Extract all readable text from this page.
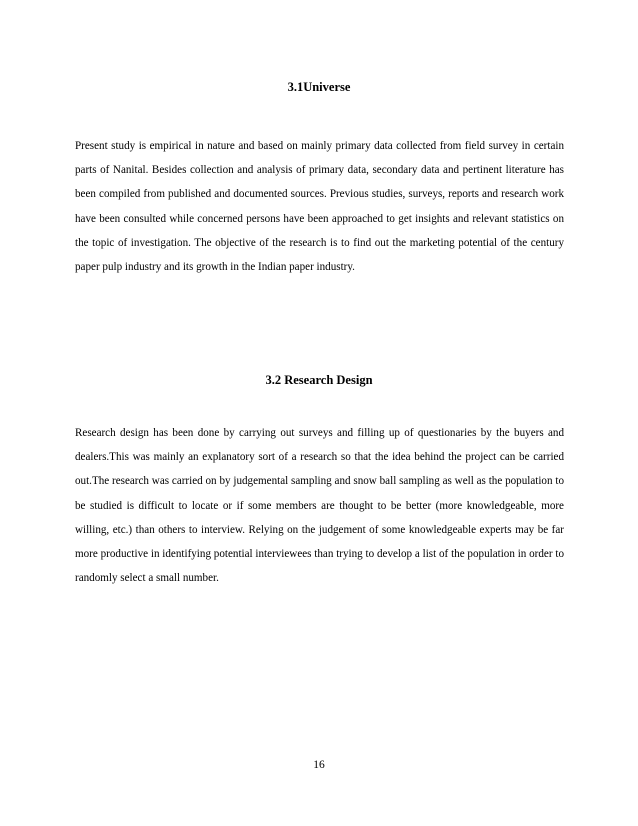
3.1Universe

Present study is empirical in nature and based on mainly primary data collected from field survey in certain parts of Nanital. Besides collection and analysis of primary data, secondary data and pertinent literature has been compiled from published and documented sources. Previous studies, surveys, reports and research work have been consulted while concerned persons have been approached to get insights and relevant statistics on the topic of investigation. The objective of the research is to find out the marketing potential of the century paper pulp industry and its growth in the Indian paper industry.

3.2 Research Design

Research design has been done by carrying out surveys and filling up of questionaries by the buyers and dealers.This was mainly an explanatory sort of a research so that the idea behind the project can be carried out.The research was carried on by judgemental sampling and snow ball sampling as well as the population to be studied is difficult to locate or if some members are thought to be better (more knowledgeable, more willing, etc.) than others to interview. Relying on the judgement of some knowledgeable experts may be far more productive in identifying potential interviewees than trying to develop a list of the population in order to randomly select a small number.

16
